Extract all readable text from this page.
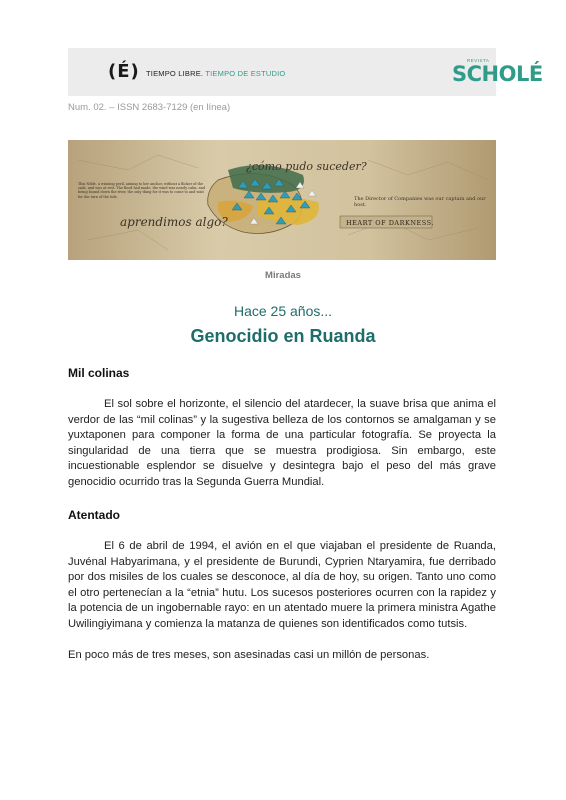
(É) TIEMPO LIBRE. TIEMPO DE ESTUDIO
REVISTA
SCHOLÉ
Num. 02. – ISSN 2683-7129 (en línea)
¿cómo pudo suceder?
aprendimos algo?
This Ndile, a winning peril, aiming to her anchor, without a flicker of the sails, and was at rest. The flood had made, the wind was nearly calm, and being bound down the river, the only thing for it was to come to and wait for the turn of the tide.	The Director of Companies was our captain and our host.
HEART OF DARKNESS.
Miradas
Hace 25 años...
Genocidio en Ruanda
Mil colinas

El sol sobre el horizonte, el silencio del atardecer, la suave brisa que anima el verdor de las “mil colinas” y la sugestiva belleza de los contornos se amalgaman y se yuxtaponen para componer la forma de una particular fotografía. Se proyecta la singularidad de una tierra que se muestra prodigiosa. Sin embargo, este incuestionable esplendor se disuelve y desintegra bajo el peso del más grave genocidio ocurrido tras la Segunda Guerra Mundial.

Atentado

El 6 de abril de 1994, el avión en el que viajaban el presidente de Ruanda, Juvénal Habyarimana, y el presidente de Burundi, Cyprien Ntaryamira, fue derribado por dos misiles de los cuales se desconoce, al día de hoy, su origen. Tanto uno como el otro pertenecían a la “etnia” hutu. Los sucesos posteriores ocurren con la rapidez y la potencia de un ingobernable rayo: en un atentado muere la primera ministra Agathe Uwilingiyimana y comienza la matanza de quienes son identificados como tutsis.

En poco más de tres meses, son asesinadas casi un millón de personas.
